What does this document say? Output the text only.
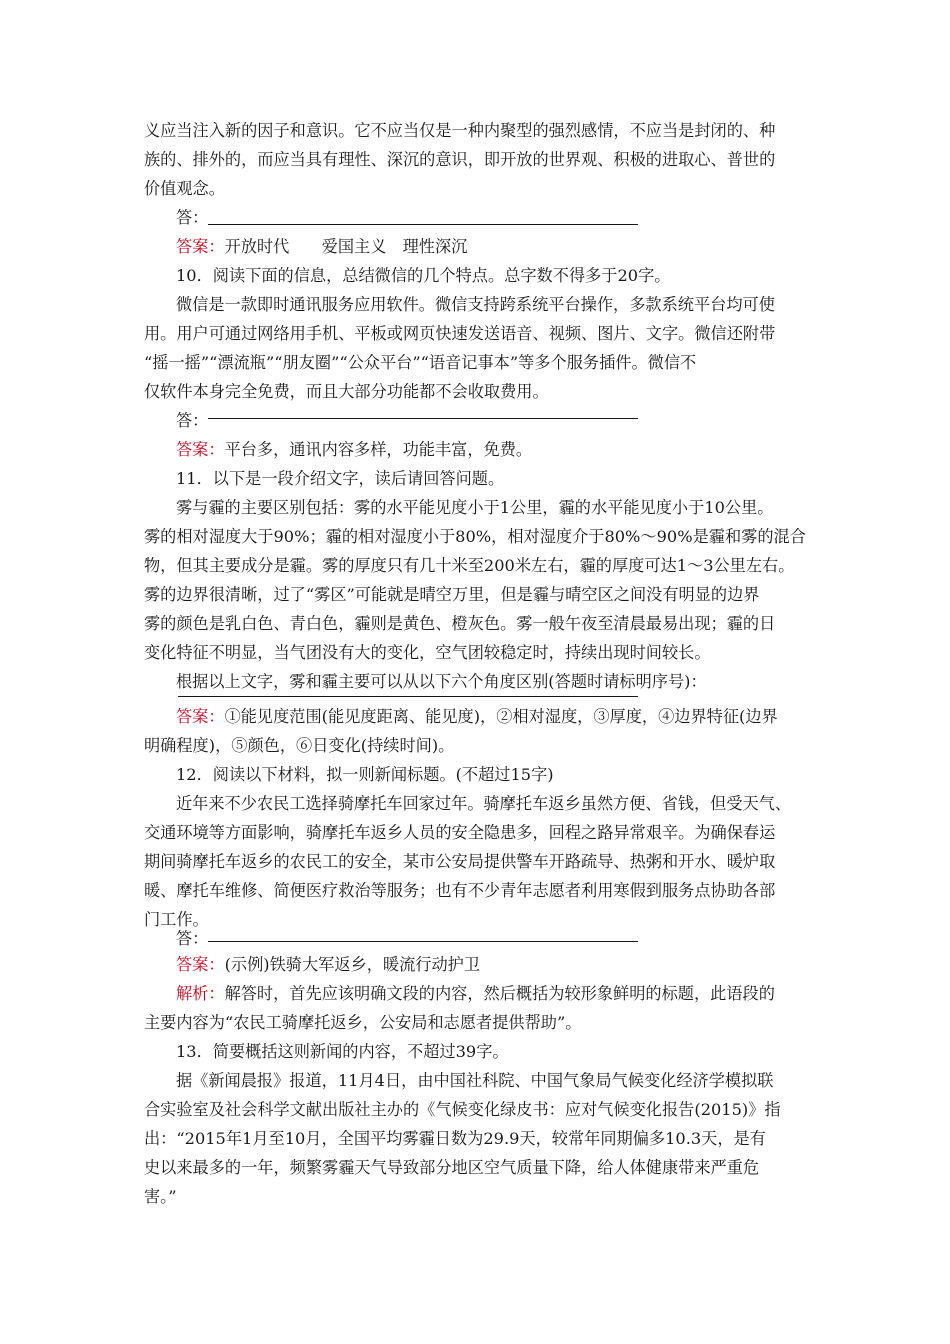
义应当注入新的因子和意识。它不应当仅是一种内聚型的强烈感情，不应当是封闭的、种
族的、排外的，而应当具有理性、深沉的意识，即开放的世界观、积极的进取心、普世的
价值观念。
答：
答案：开放时代　　爱国主义　理性深沉
10．阅读下面的信息，总结微信的几个特点。总字数不得多于20字。
微信是一款即时通讯服务应用软件。微信支持跨系统平台操作，多款系统平台均可使
用。用户可通过网络用手机、平板或网页快速发送语音、视频、图片、文字。微信还附带
“摇一摇”“漂流瓶”“朋友圈”“公众平台”“语音记事本”等多个服务插件。微信不
仅软件本身完全免费，而且大部分功能都不会收取费用。
答：
答案：平台多，通讯内容多样，功能丰富，免费。
11．以下是一段介绍文字，读后请回答问题。
雾与霾的主要区别包括：雾的水平能见度小于1公里，霾的水平能见度小于10公里。
雾的相对湿度大于90%；霾的相对湿度小于80%，相对湿度介于80%～90%是霾和雾的混合
物，但其主要成分是霾。雾的厚度只有几十米至200米左右，霾的厚度可达1～3公里左右。
雾的边界很清晰，过了“雾区”可能就是晴空万里，但是霾与晴空区之间没有明显的边界
雾的颜色是乳白色、青白色，霾则是黄色、橙灰色。雾一般午夜至清晨最易出现；霾的日
变化特征不明显，当气团没有大的变化，空气团较稳定时，持续出现时间较长。
根据以上文字，雾和霾主要可以从以下六个角度区别(答题时请标明序号)：
答案：①能见度范围(能见度距离、能见度)，②相对湿度，③厚度，④边界特征(边界
明确程度)，⑤颜色，⑥日变化(持续时间)。
12．阅读以下材料，拟一则新闻标题。(不超过15字)
近年来不少农民工选择骑摩托车回家过年。骑摩托车返乡虽然方便、省钱，但受天气、
交通环境等方面影响，骑摩托车返乡人员的安全隐患多，回程之路异常艰辛。为确保春运
期间骑摩托车返乡的农民工的安全，某市公安局提供警车开路疏导、热粥和开水、暖炉取
暖、摩托车维修、简便医疗救治等服务；也有不少青年志愿者利用寒假到服务点协助各部
门工作。
答：
答案：(示例)铁骑大军返乡，暖流行动护卫
解析：解答时，首先应该明确文段的内容，然后概括为较形象鲜明的标题，此语段的
主要内容为“农民工骑摩托返乡，公安局和志愿者提供帮助”。
13．简要概括这则新闻的内容，不超过39字。
据《新闻晨报》报道，11月4日，由中国社科院、中国气象局气候变化经济学模拟联
合实验室及社会科学文献出版社主办的《气候变化绿皮书：应对气候变化报告(2015)》指
出：“2015年1月至10月，全国平均雾霾日数为29.9天，较常年同期偏多10.3天，是有
史以来最多的一年，频繁雾霾天气导致部分地区空气质量下降，给人体健康带来严重危
害。”
